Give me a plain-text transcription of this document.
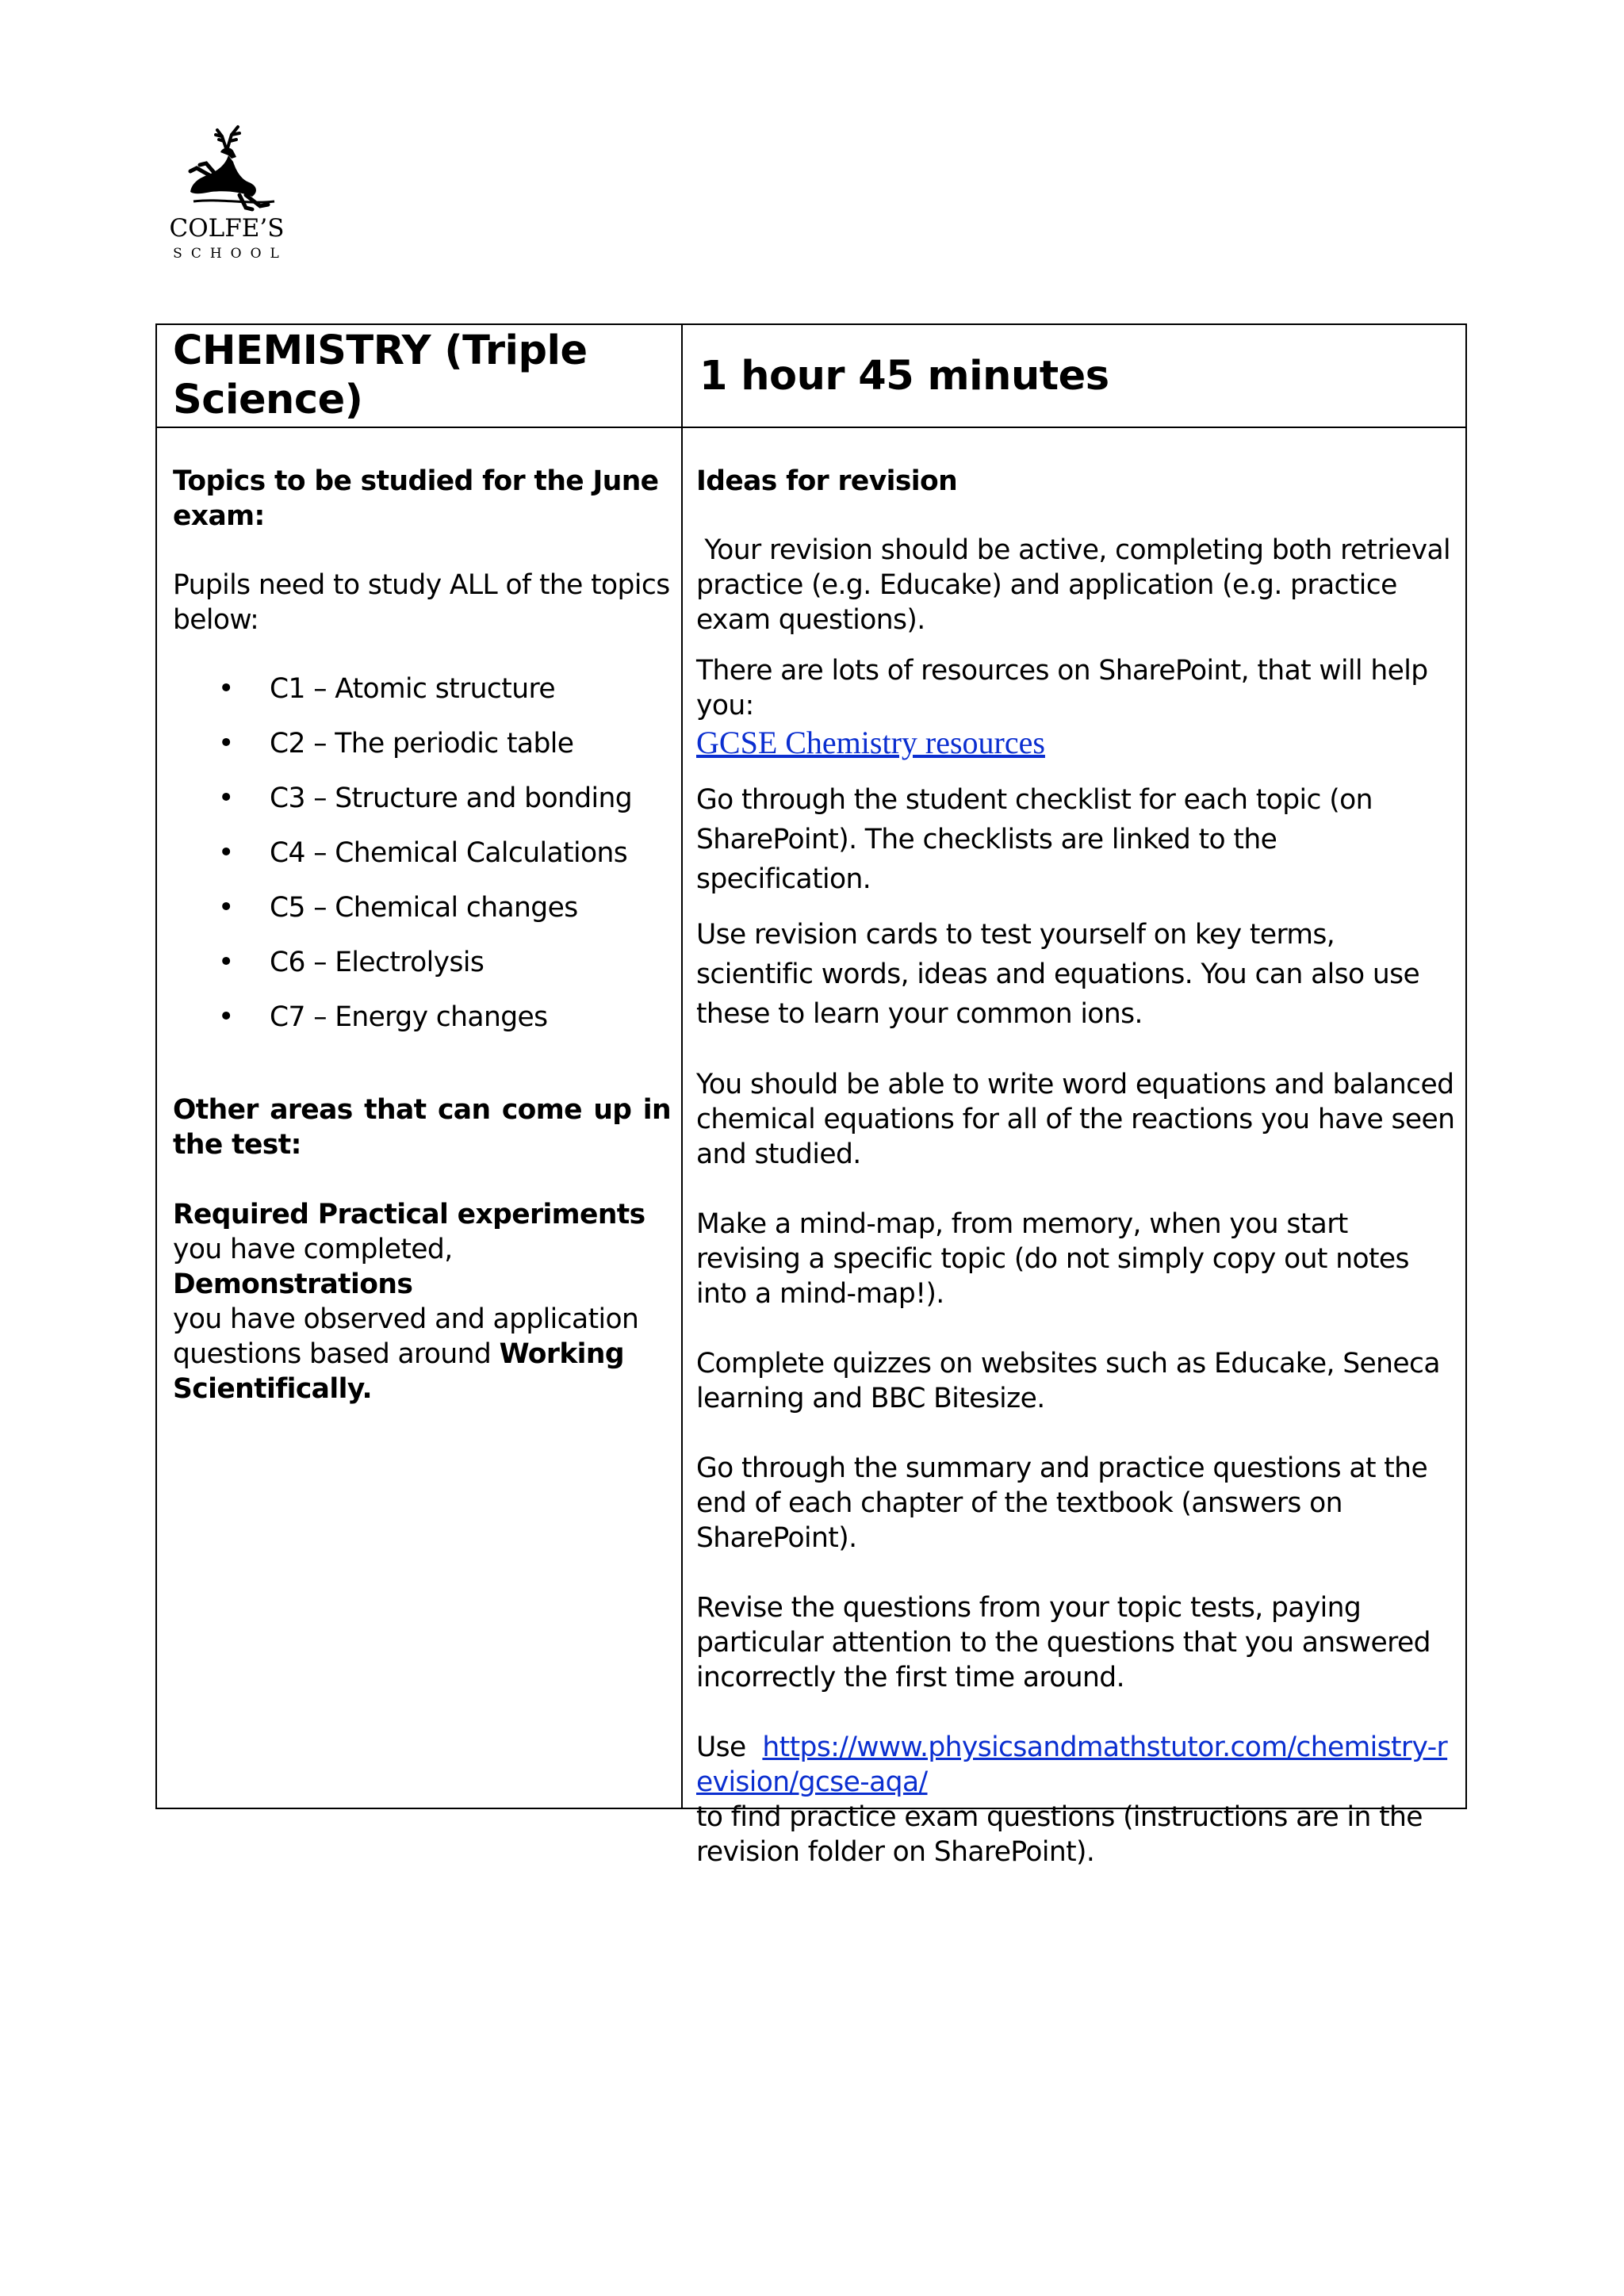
COLFE’S
SCHOOL
CHEMISTRY (Triple Science)
1 hour 45 minutes

Topics to be studied for the June exam:

Pupils need to study ALL of the topics below:

• C1 – Atomic structure
• C2 – The periodic table
• C3 – Structure and bonding
• C4 – Chemical Calculations
• C5 – Chemical changes
• C6 – Electrolysis
• C7 – Energy changes

Other areas that can come up in

the test:

Required Practical experiments
you have completed, Demonstrations
you have observed and application questions based around Working Scientifically.

Ideas for revision

Your revision should be active, completing both retrieval practice (e.g. Educake) and application (e.g. practice exam questions).

There are lots of resources on SharePoint, that will help you:

GCSE Chemistry resources

Go through the student checklist for each topic (on SharePoint). The checklists are linked to the specification.

Use revision cards to test yourself on key terms, scientific words, ideas and equations. You can also use these to learn your common ions.

You should be able to write word equations and balanced chemical equations for all of the reactions you have seen and studied.

Make a mind-map, from memory, when you start revising a specific topic (do not simply copy out notes into a mind-map!).

Complete quizzes on websites such as Educake, Seneca learning and BBC Bitesize.

Go through the summary and practice questions at the end of each chapter of the textbook (answers on SharePoint).

Revise the questions from your topic tests, paying particular attention to the questions that you answered incorrectly the first time around.

Use  https://www.physicsandmathstutor.com/chemistry-revision/gcse-aqa/

to find practice exam questions (instructions are in the revision folder on SharePoint).
